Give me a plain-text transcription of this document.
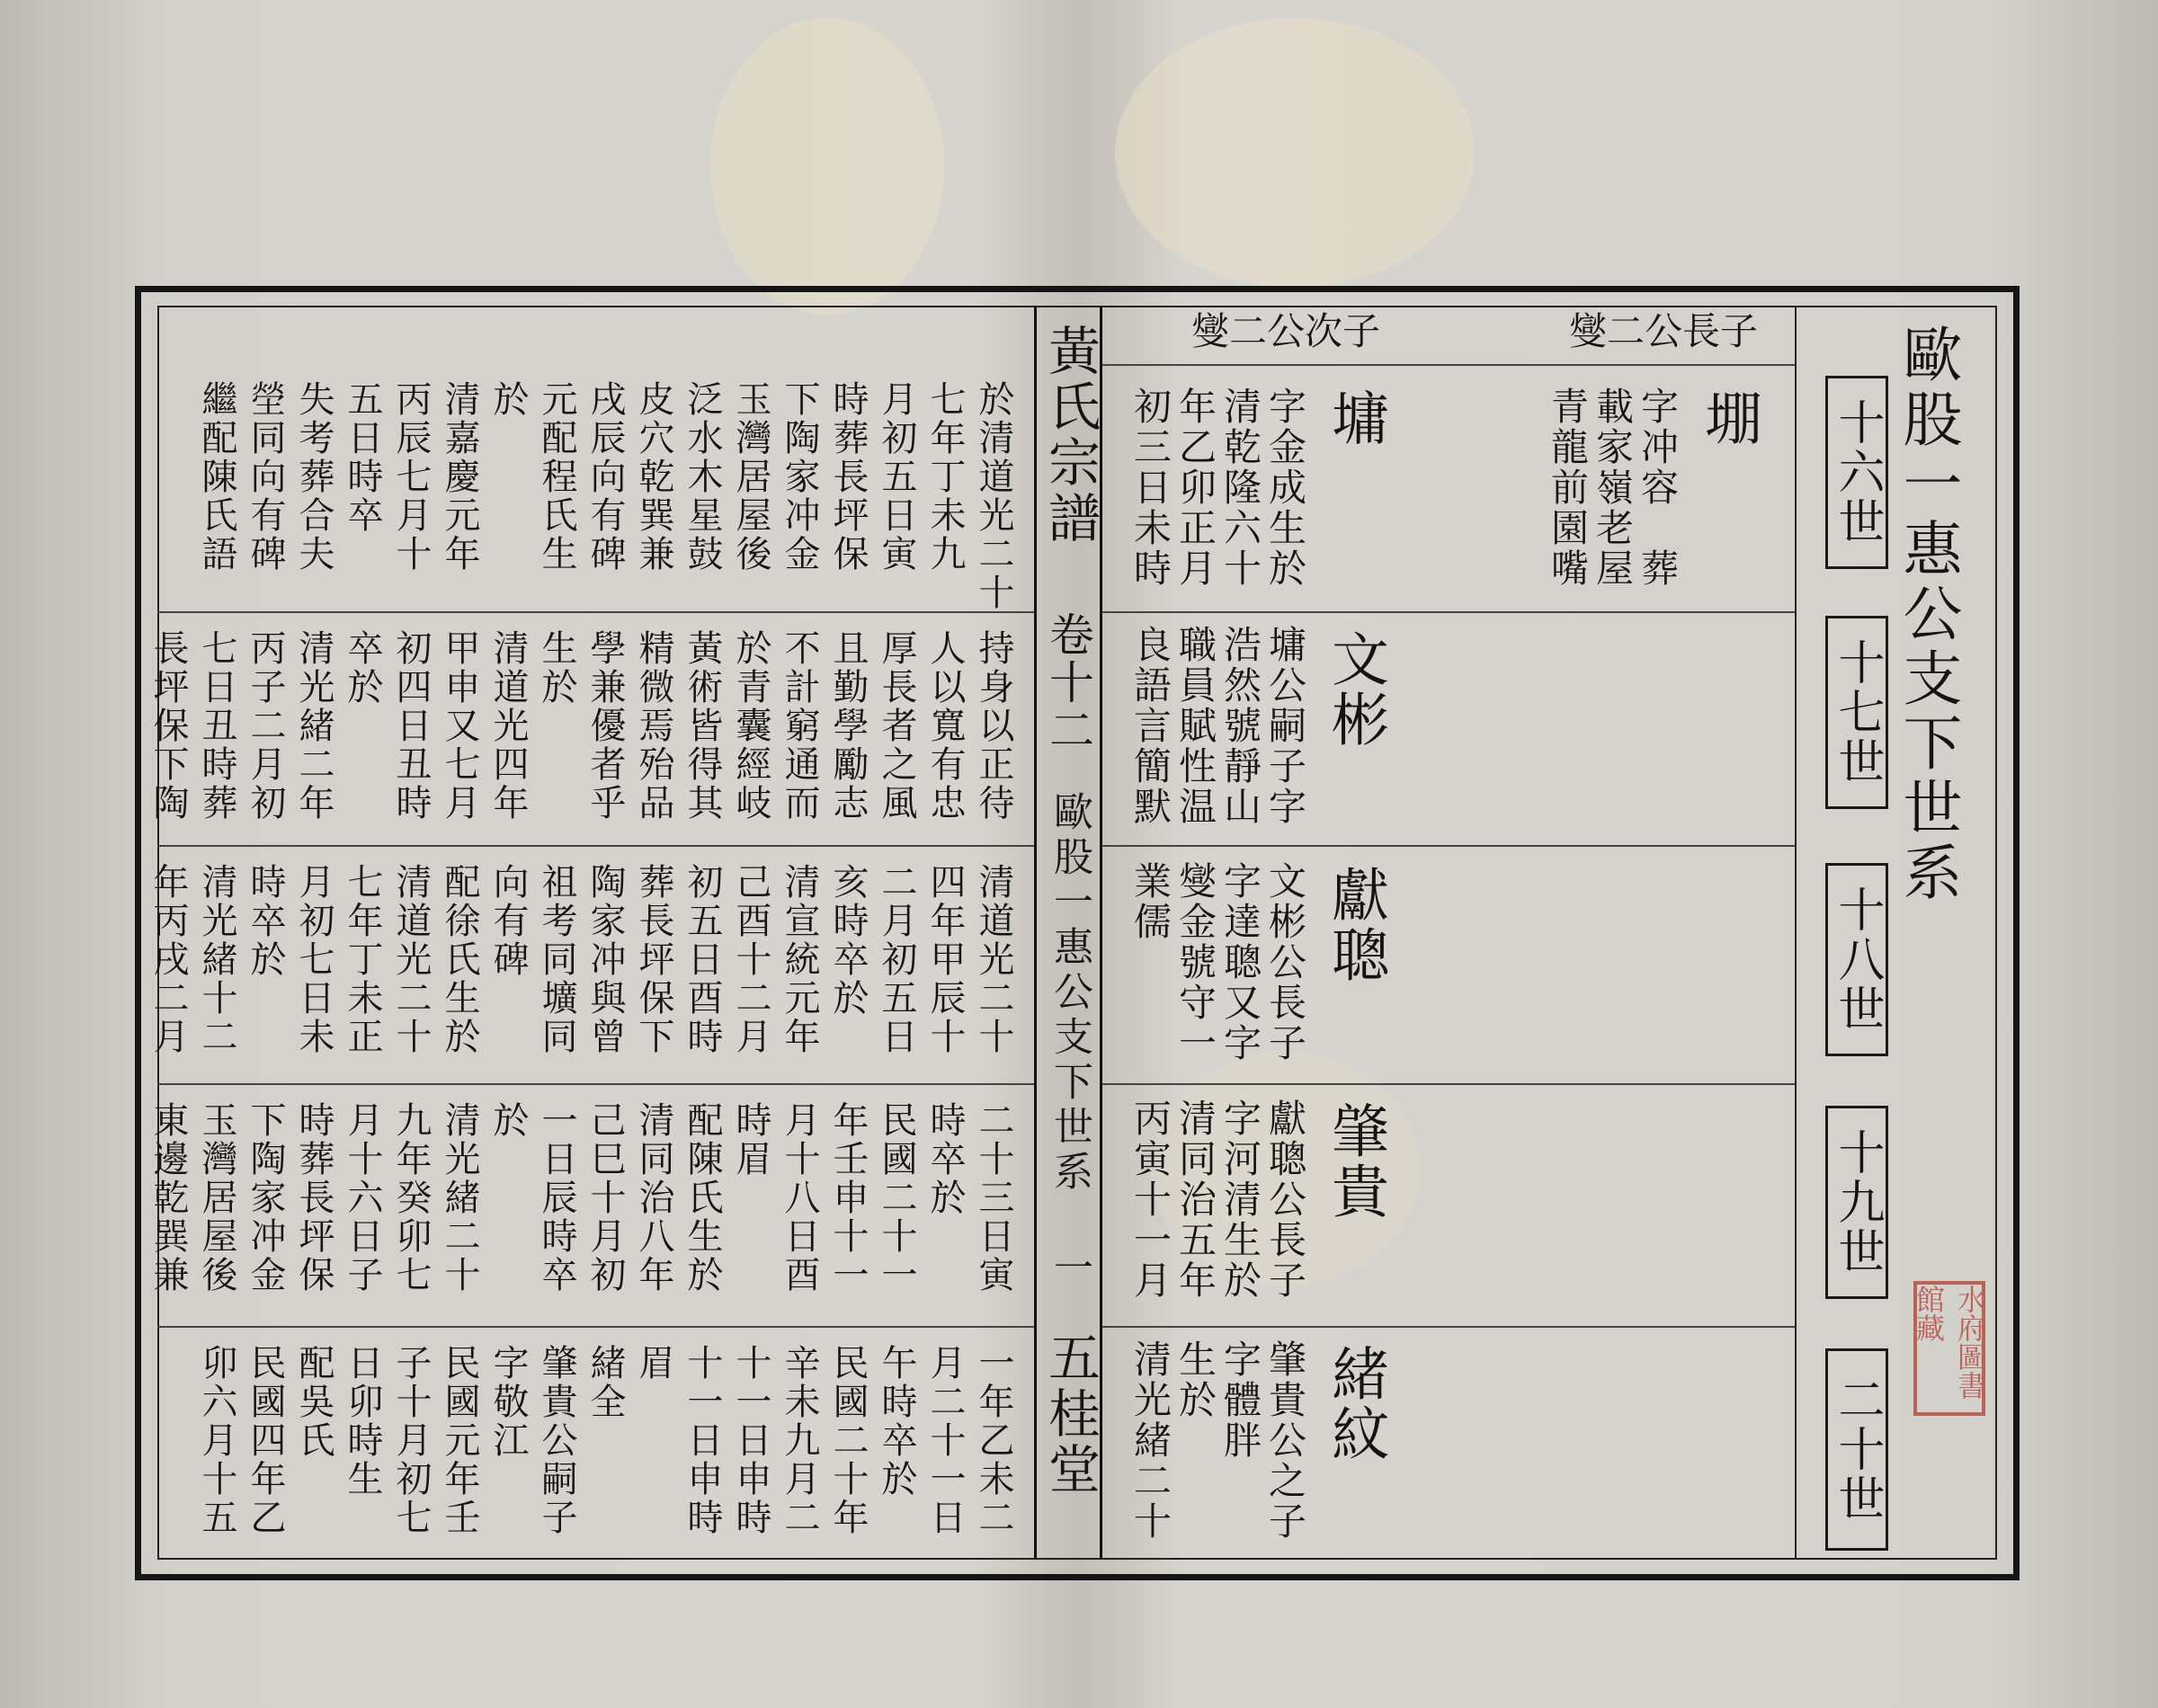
歐股一惠公支下世系
十六世
十七世
十八世
十九世
二十世
燮二公長子
燮二公次子
堋
字冲容
葬
載家嶺老屋
青龍前園嘴
墉
字金成生於
清乾隆六十
年乙卯正月
初三日未時
文彬
墉公嗣子字
浩然號靜山
職員賦性温
良語言簡默
獻聰
文彬公長子
字達聰又字
燮金號守一
業儒
肇貴
獻聰公長子
字河清生於
清同治五年
丙寅十一月
緒紋
肇貴公之子
字體胖
生於
清光緒二十
黃氏宗譜
卷十二
歐股一惠公支下世系 一
五桂堂
於清道光二十
七年丁未九
月初五日寅
時葬長坪保
下陶家冲金
玉灣居屋後
泛水木星鼓
皮穴乾巽兼
戌辰向有碑
元配程氏生
於
清嘉慶元年
丙辰七月十
五日時卒
失考葬合夫
塋同向有碑
繼配陳氏語
持身以正待
人以寬有忠
厚長者之風
且勤學勵志
不計窮通而
於青囊經岐
黃術皆得其
精微焉殆品
學兼優者乎
生於
清道光四年
甲申又七月
初四日丑時
卒於
清光緒二年
丙子二月初
七日丑時葬
長坪保下陶
清道光二十
四年甲辰十
二月初五日
亥時卒於
清宣統元年
己酉十二月
初五日酉時
葬長坪保下
陶家冲與曾
祖考同壙同
向有碑
配徐氏生於
清道光二十
七年丁未正
月初七日未
時卒於
清光緒十二
年丙戌二月
二十三日寅
時卒於
民國二十一
年壬申十一
月十八日酉
時眉
配陳氏生於
清同治八年
己巳十月初
一日辰時卒
於
清光緒二十
九年癸卯七
月十六日子
時葬長坪保
下陶家冲金
玉灣居屋後
東邊乾巽兼
一年乙未二
月二十一日
午時卒於
民國二十年
辛未九月二
十一日申時
十一日申時
眉
緒全
肇貴公嗣子
字敬江
民國元年壬
子十月初七
日卯時生
配吳氏
民國四年乙
卯六月十五
水府圖書館藏
